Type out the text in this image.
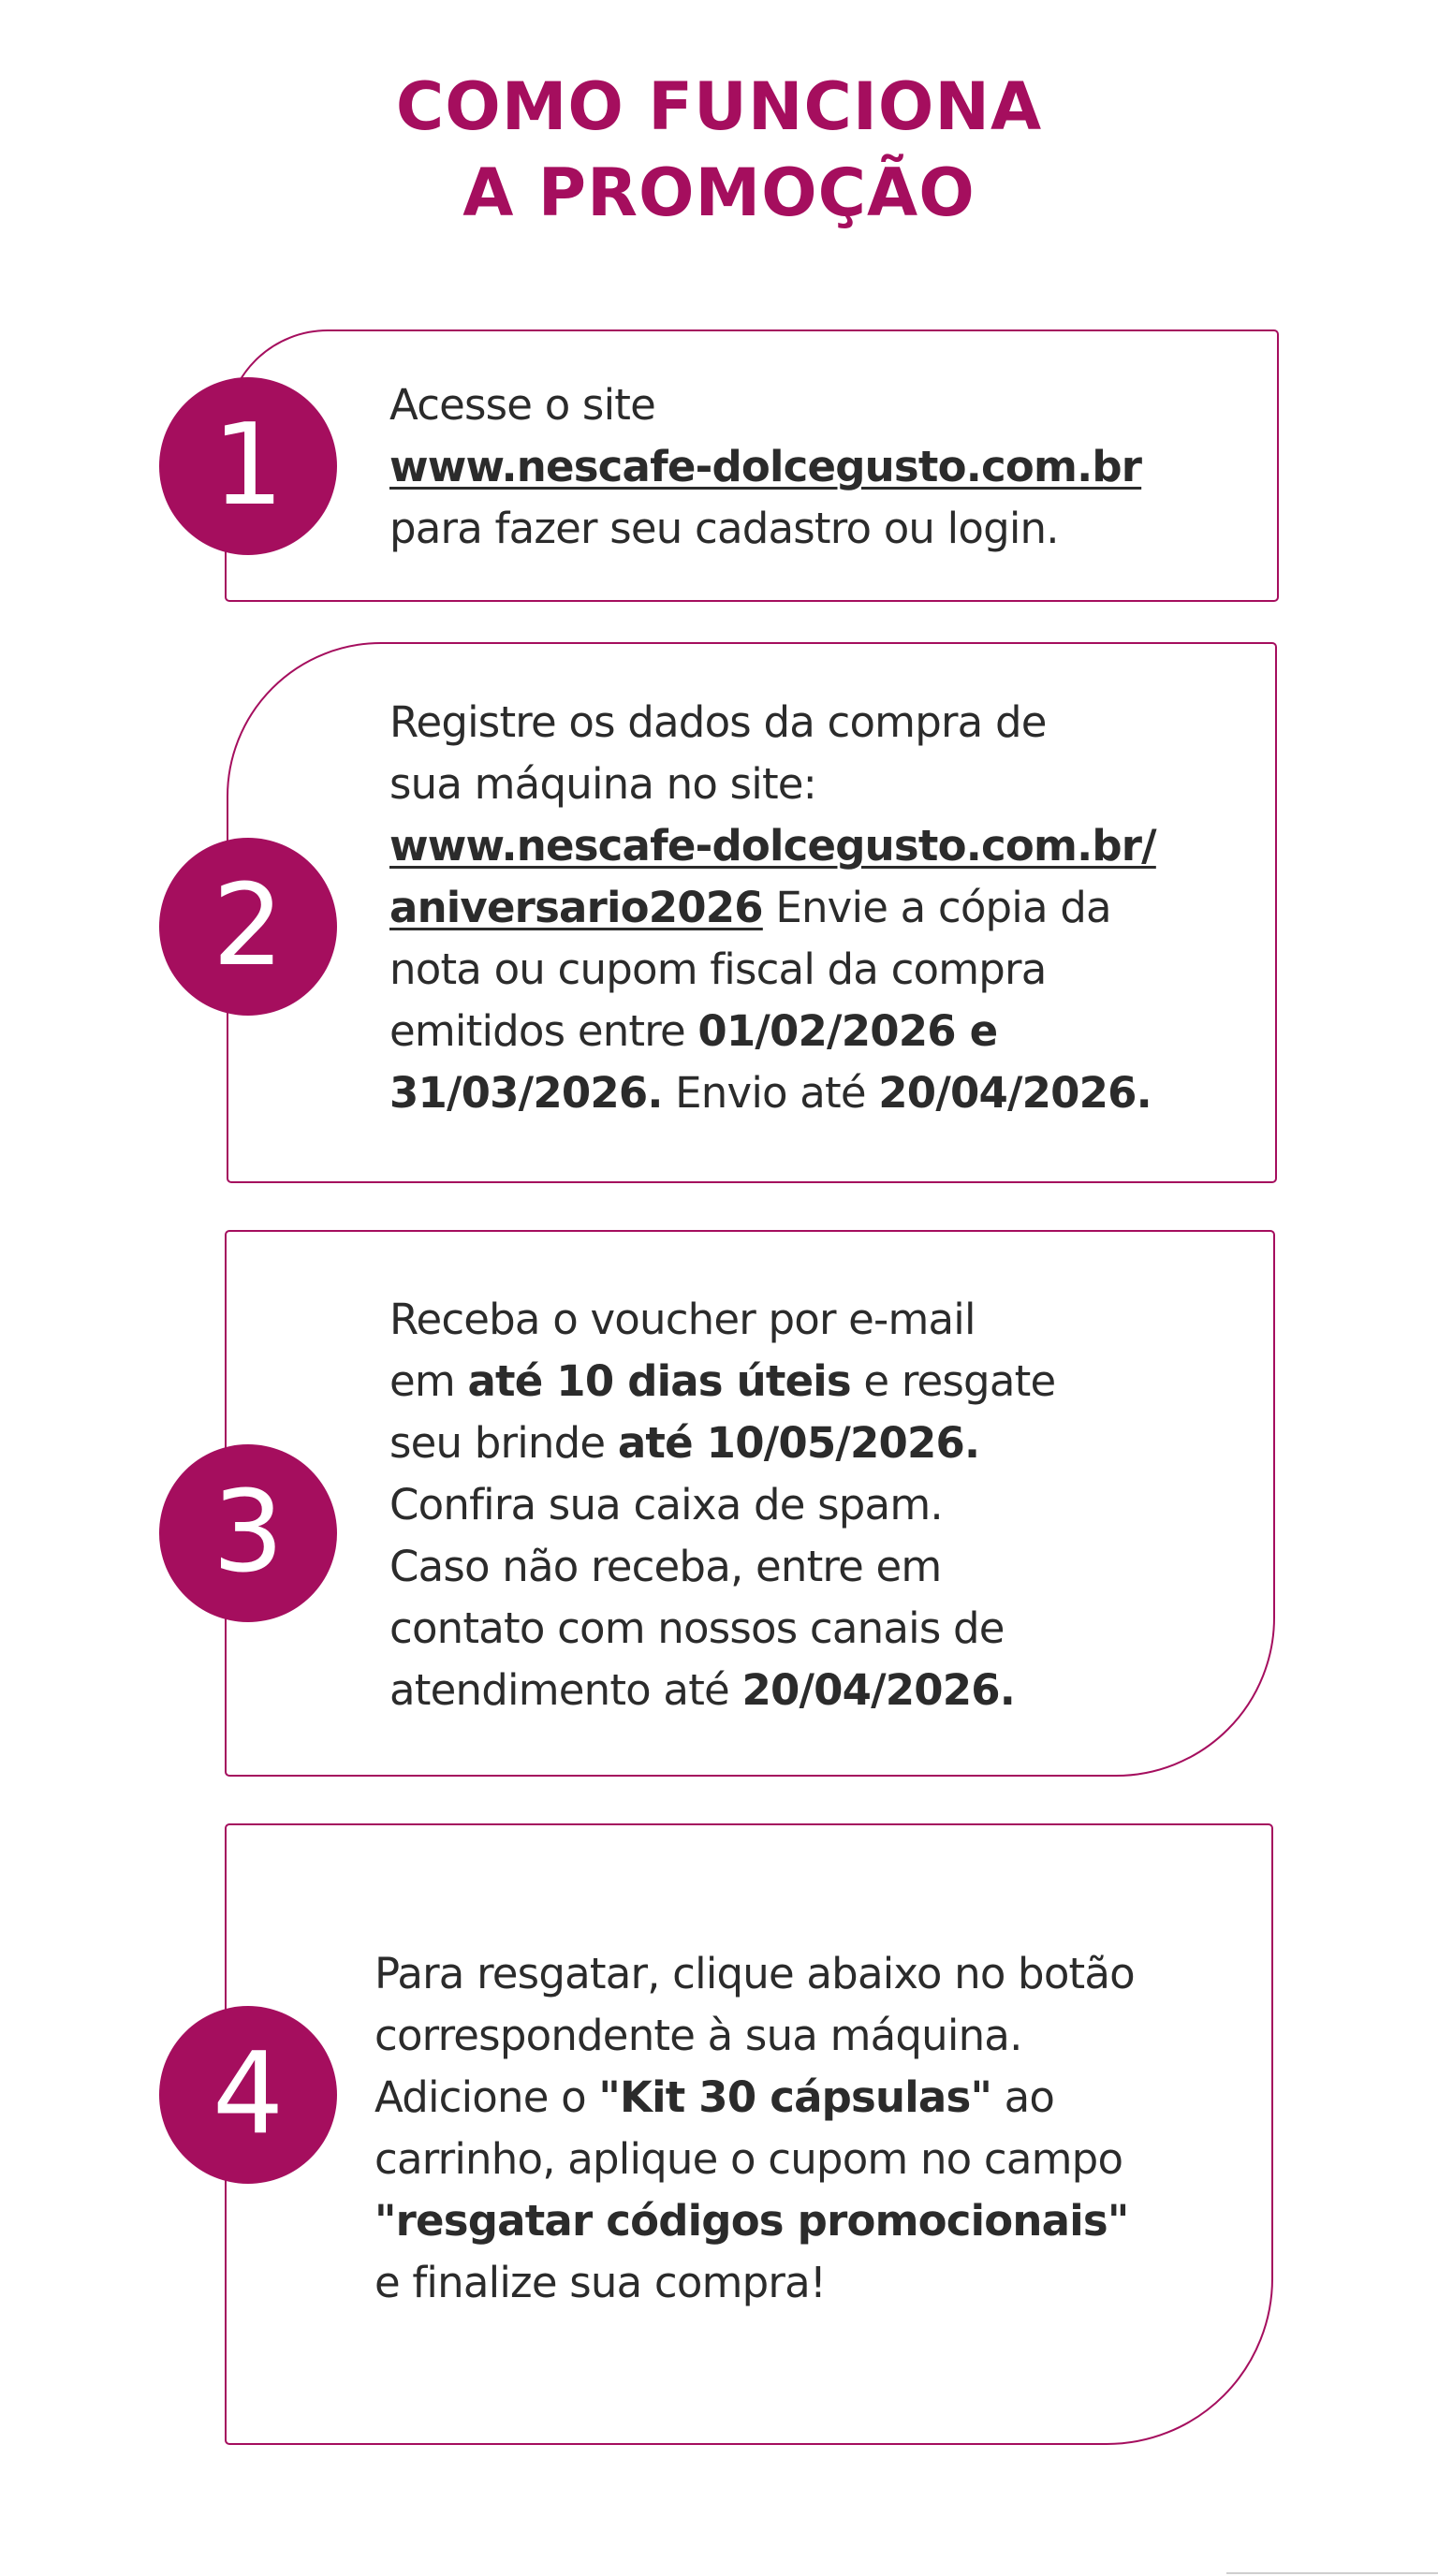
COMO FUNCIONA
A PROMOÇÃO
1	Acesse o site
www.nescafe-dolcegusto.com.br
para fazer seu cadastro ou login.
2
Registre os dados da compra de
sua máquina no site:
www.nescafe-dolcegusto.com.br/
aniversario2026 Envie a cópia da
nota ou cupom fiscal da compra
emitidos entre 01/02/2026 e
31/03/2026. Envio até 20/04/2026.
3
Receba o voucher por e-mail
em até 10 dias úteis e resgate
seu brinde até 10/05/2026.
Confira sua caixa de spam.
Caso não receba, entre em
contato com nossos canais de
atendimento até 20/04/2026.
4
Para resgatar, clique abaixo no botão
correspondente à sua máquina.
Adicione o "Kit 30 cápsulas" ao
carrinho, aplique o cupom no campo
"resgatar códigos promocionais"
e finalize sua compra!
